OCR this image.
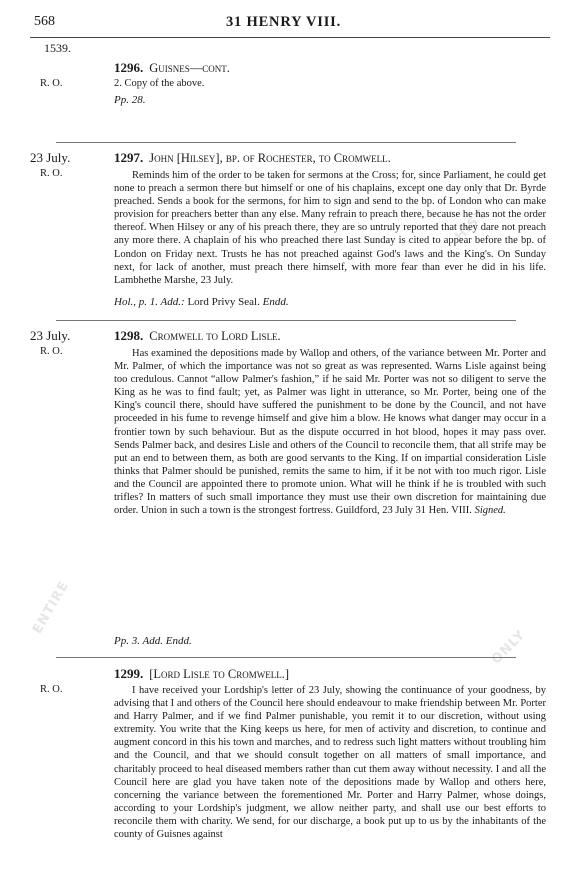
HIST
ENTIRE
ONLY
568	31 HENRY VIII.
1539.
1296. Guisnes—cont.
R. O.	2. Copy of the above.
Pp. 28.
23 July.	1297. John [Hilsey], bp. of Rochester, to Cromwell.
R. O.	Reminds him of the order to be taken for sermons at the Cross; for, since Parliament, he could get none to preach a sermon there but himself or one of his chaplains, except one day only that Dr. Byrde preached. Sends a book for the sermons, for him to sign and send to the bp. of London who can make provision for preachers better than any else. Many refrain to preach there, because he has not the order thereof. When Hilsey or any of his preach there, they are so untruly reported that they dare not preach any more there. A chaplain of his who preached there last Sunday is cited to appear before the bp. of London on Friday next. Trusts he has not preached against God's laws and the King's. On Sunday next, for lack of another, must preach there himself, with more fear than ever he did in his life. Lambhethe Marshe, 23 July.
Hol., p. 1. Add.: Lord Privy Seal. Endd.
23 July.	1298. Cromwell to Lord Lisle.
R. O.	Has examined the depositions made by Wallop and others, of the variance between Mr. Porter and Mr. Palmer, of which the importance was not so great as was represented. Warns Lisle against being too credulous. Cannot “allow Palmer's fashion,” if he said Mr. Porter was not so diligent to serve the King as he was to find fault; yet, as Palmer was light in utterance, so Mr. Porter, being one of the King's council there, should have suffered the punishment to be done by the Council, and not have proceeded in his fume to revenge himself and give him a blow. He knows what danger may occur in a frontier town by such behaviour. But as the dispute occurred in hot blood, hopes it may pass over. Sends Palmer back, and desires Lisle and others of the Council to reconcile them, that all strife may be put an end to between them, as both are good servants to the King. If on impartial consideration Lisle thinks that Palmer should be punished, remits the same to him, if it be not with too much rigor. Lisle and the Council are appointed there to promote union. What will he think if he is troubled with such trifles? In matters of such small importance they must use their own discretion for maintaining due order. Union in such a town is the strongest fortress. Guildford, 23 July 31 Hen. VIII. Signed.
Pp. 3. Add. Endd.
1299. [Lord Lisle to Cromwell.]
R. O.	I have received your Lordship's letter of 23 July, showing the continuance of your goodness, by advising that I and others of the Council here should endeavour to make friendship between Mr. Porter and Harry Palmer, and if we find Palmer punishable, you remit it to our discretion, without using extremity. You write that the King keeps us here, for men of activity and discretion, to continue and augment concord in this his town and marches, and to redress such light matters without troubling him and the Council, and that we should consult together on all matters of small importance, and charitably proceed to heal diseased members rather than cut them away without necessity. I and all the Council here are glad you have taken note of the depositions made by Wallop and others here, concerning the variance between the forementioned Mr. Porter and Harry Palmer, whose doings, according to your Lordship's judgment, we allow neither party, and shall use our best efforts to reconcile them with charity. We send, for our discharge, a book put up to us by the inhabitants of the county of Guisnes against
